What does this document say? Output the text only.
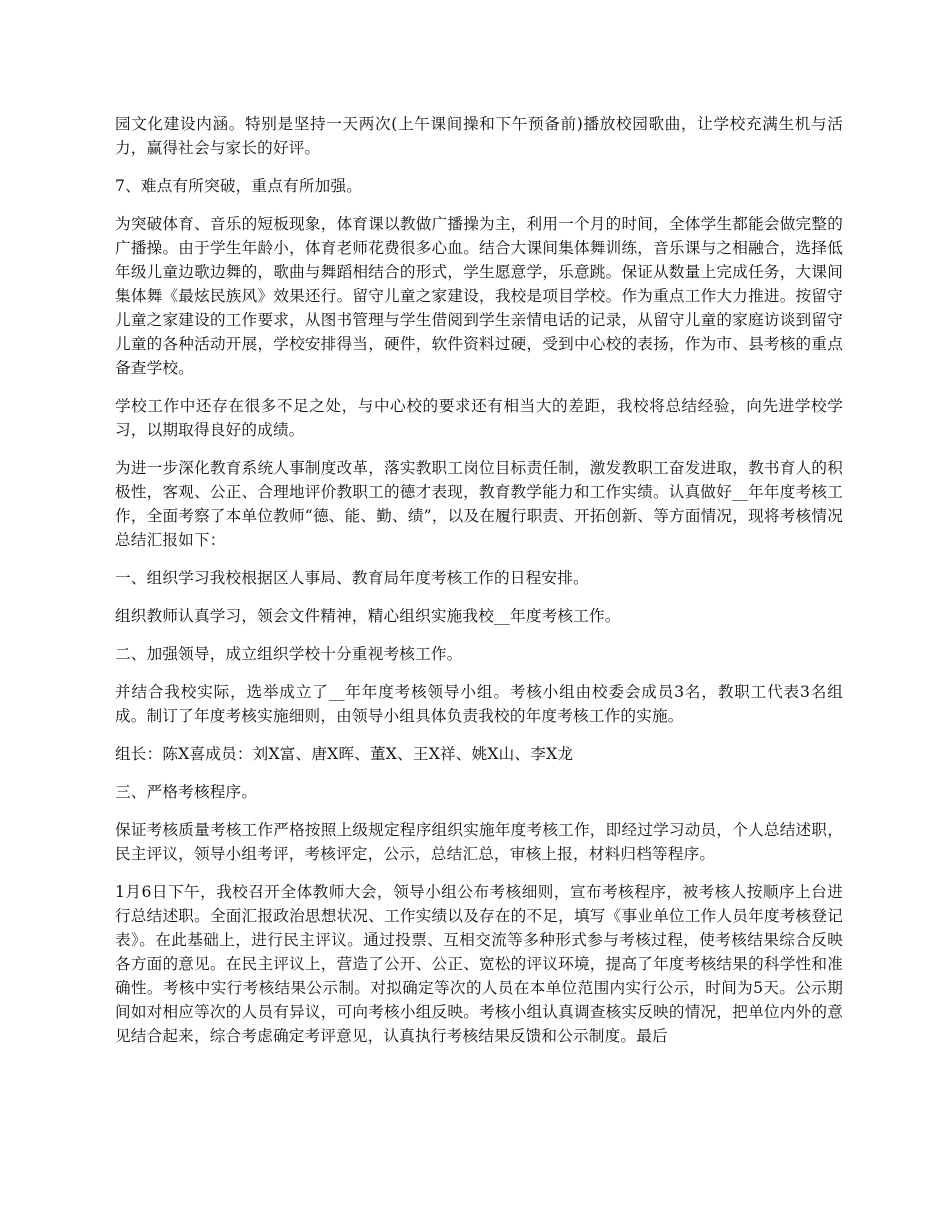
园文化建设内涵。特别是坚持一天两次(上午课间操和下午预备前)播放校园歌曲，让学校充满生机与活力，赢得社会与家长的好评。

7、难点有所突破，重点有所加强。

为突破体育、音乐的短板现象，体育课以教做广播操为主，利用一个月的时间，全体学生都能会做完整的广播操。由于学生年龄小，体育老师花费很多心血。结合大课间集体舞训练，音乐课与之相融合，选择低年级儿童边歌边舞的，歌曲与舞蹈相结合的形式，学生愿意学，乐意跳。保证从数量上完成任务，大课间集体舞《最炫民族风》效果还行。留守儿童之家建设，我校是项目学校。作为重点工作大力推进。按留守儿童之家建设的工作要求，从图书管理与学生借阅到学生亲情电话的记录，从留守儿童的家庭访谈到留守儿童的各种活动开展，学校安排得当，硬件，软件资料过硬，受到中心校的表扬，作为市、县考核的重点备查学校。

学校工作中还存在很多不足之处，与中心校的要求还有相当大的差距，我校将总结经验，向先进学校学习，以期取得良好的成绩。

为进一步深化教育系统人事制度改革，落实教职工岗位目标责任制，激发教职工奋发进取，教书育人的积极性，客观、公正、合理地评价教职工的德才表现，教育教学能力和工作实绩。认真做好__年年度考核工作，全面考察了本单位教师“德、能、勤、绩”，以及在履行职责、开拓创新、等方面情况，现将考核情况总结汇报如下：

一、组织学习我校根据区人事局、教育局年度考核工作的日程安排。

组织教师认真学习，领会文件精神，精心组织实施我校__年度考核工作。

二、加强领导，成立组织学校十分重视考核工作。

并结合我校实际，选举成立了__年年度考核领导小组。考核小组由校委会成员3名，教职工代表3名组成。制订了年度考核实施细则，由领导小组具体负责我校的年度考核工作的实施。

组长：陈X喜成员：刘X富、唐X晖、董X、王X祥、姚X山、李X龙

三、严格考核程序。

保证考核质量考核工作严格按照上级规定程序组织实施年度考核工作，即经过学习动员，个人总结述职，民主评议，领导小组考评，考核评定，公示，总结汇总，审核上报，材料归档等程序。

1月6日下午，我校召开全体教师大会，领导小组公布考核细则，宣布考核程序，被考核人按顺序上台进行总结述职。全面汇报政治思想状况、工作实绩以及存在的不足，填写《事业单位工作人员年度考核登记表》。在此基础上，进行民主评议。通过投票、互相交流等多种形式参与考核过程，使考核结果综合反映各方面的意见。在民主评议上，营造了公开、公正、宽松的评议环境，提高了年度考核结果的科学性和准确性。考核中实行考核结果公示制。对拟确定等次的人员在本单位范围内实行公示，时间为5天。公示期间如对相应等次的人员有异议，可向考核小组反映。考核小组认真调查核实反映的情况，把单位内外的意见结合起来，综合考虑确定考评意见，认真执行考核结果反馈和公示制度。最后
